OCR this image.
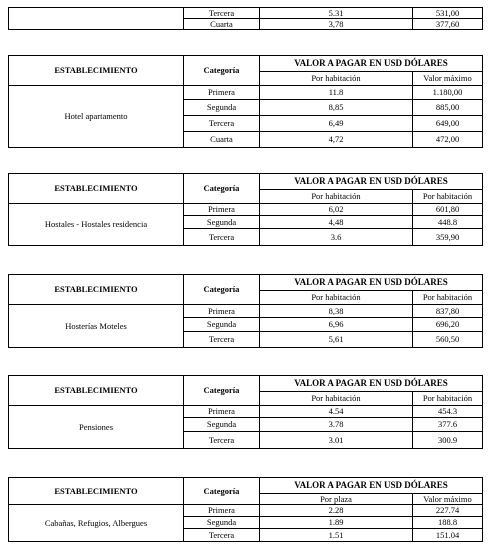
	Tercera	5.31	531,00
	Cuarta	3,78	377,60
ESTABLECIMIENTO	Categoría	VALOR A PAGAR EN USD DÓLARES	
		Por habitación	Valor máximo
Hotel apartamento	Primera	11.8	1.180,00
	Segunda	8,85	885,00
	Tercera	6,49	649,00
	Cuarta	4,72	472,00
ESTABLECIMIENTO	Categoría	VALOR A PAGAR EN USD DÓLARES	
		Por habitación	Por habitación
Hostales - Hostales residencia	Primera	6,02	601,80
	Segunda	4,48	448.8
	Tercera	3.6	359,90
ESTABLECIMIENTO	Categoría	VALOR A PAGAR EN USD DÓLARES	
		Por habitación	Por habitación
Hosterías Moteles	Primera	8,38	837,80
	Segunda	6,96	696,20
	Tercera	5,61	560,50
ESTABLECIMIENTO	Categoría	VALOR A PAGAR EN USD DÓLARES	
		Por habitación	Por habitación
Pensiones	Primera	4.54	454.3
	Segunda	3.78	377.6
	Tercera	3.01	300.9
ESTABLECIMIENTO	Categoría	VALOR A PAGAR EN USD DÓLARES	
		Por plaza	Valor máximo
Cabañas, Refugios, Albergues	Primera	2.28	227.74
	Segunda	1.89	188.8
	Tercera	1.51	151.04
